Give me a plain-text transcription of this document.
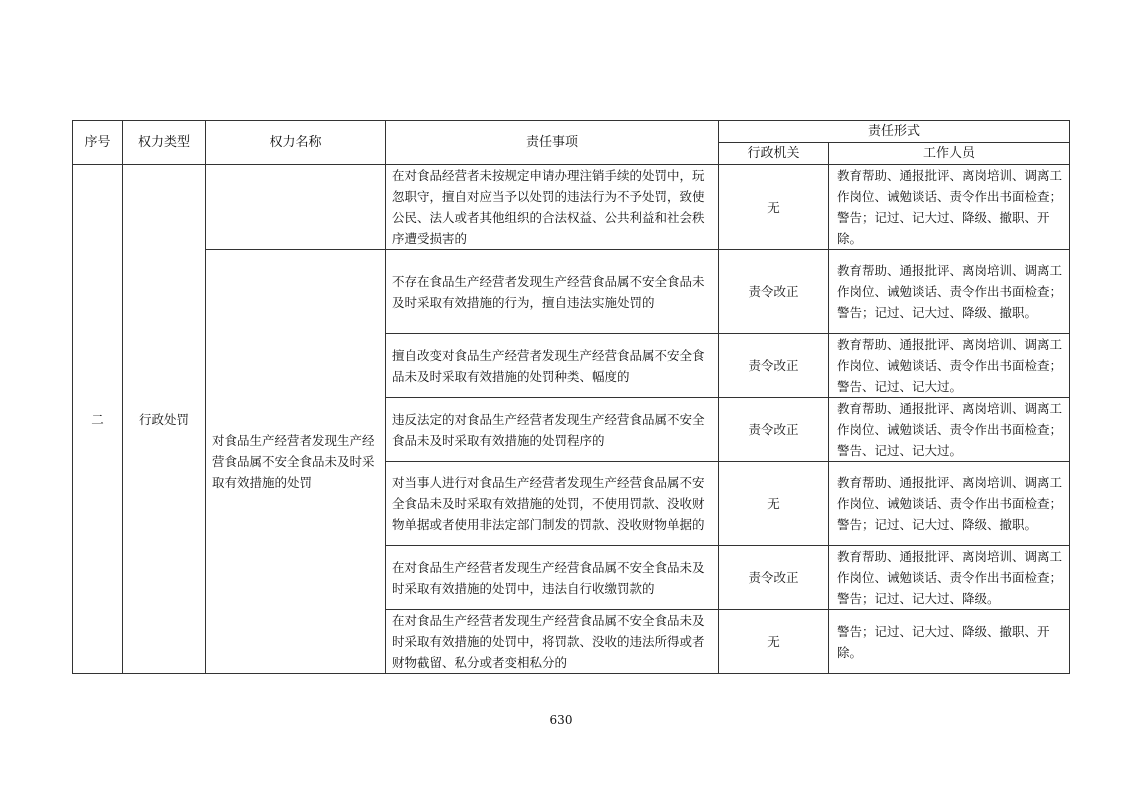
序号	权力类型	权力名称	责任事项	责任形式	
				行政机关	工作人员
二	行政处罚		在对食品经营者未按规定申请办理注销手续的处罚中，玩忽职守，擅自对应当予以处罚的违法行为不予处罚，致使公民、法人或者其他组织的合法权益、公共利益和社会秩序遭受损害的	无	教育帮助、通报批评、离岗培训、调离工作岗位、诫勉谈话、责令作出书面检查；警告；记过、记大过、降级、撤职、开除。
		对食品生产经营者发现生产经营食品属不安全食品未及时采取有效措施的处罚	不存在食品生产经营者发现生产经营食品属不安全食品未及时采取有效措施的行为，擅自违法实施处罚的	责令改正	教育帮助、通报批评、离岗培训、调离工作岗位、诫勉谈话、责令作出书面检查；警告；记过、记大过、降级、撤职。
			擅自改变对食品生产经营者发现生产经营食品属不安全食品未及时采取有效措施的处罚种类、幅度的	责令改正	教育帮助、通报批评、离岗培训、调离工作岗位、诫勉谈话、责令作出书面检查；警告、记过、记大过。
			违反法定的对食品生产经营者发现生产经营食品属不安全食品未及时采取有效措施的处罚程序的	责令改正	教育帮助、通报批评、离岗培训、调离工作岗位、诫勉谈话、责令作出书面检查；警告、记过、记大过。
			对当事人进行对食品生产经营者发现生产经营食品属不安全食品未及时采取有效措施的处罚，不使用罚款、没收财物单据或者使用非法定部门制发的罚款、没收财物单据的	无	教育帮助、通报批评、离岗培训、调离工作岗位、诫勉谈话、责令作出书面检查；警告；记过、记大过、降级、撤职。
			在对食品生产经营者发现生产经营食品属不安全食品未及时采取有效措施的处罚中，违法自行收缴罚款的	责令改正	教育帮助、通报批评、离岗培训、调离工作岗位、诫勉谈话、责令作出书面检查；警告；记过、记大过、降级。
			在对食品生产经营者发现生产经营食品属不安全食品未及时采取有效措施的处罚中，将罚款、没收的违法所得或者财物截留、私分或者变相私分的	无	警告；记过、记大过、降级、撤职、开除。
630
